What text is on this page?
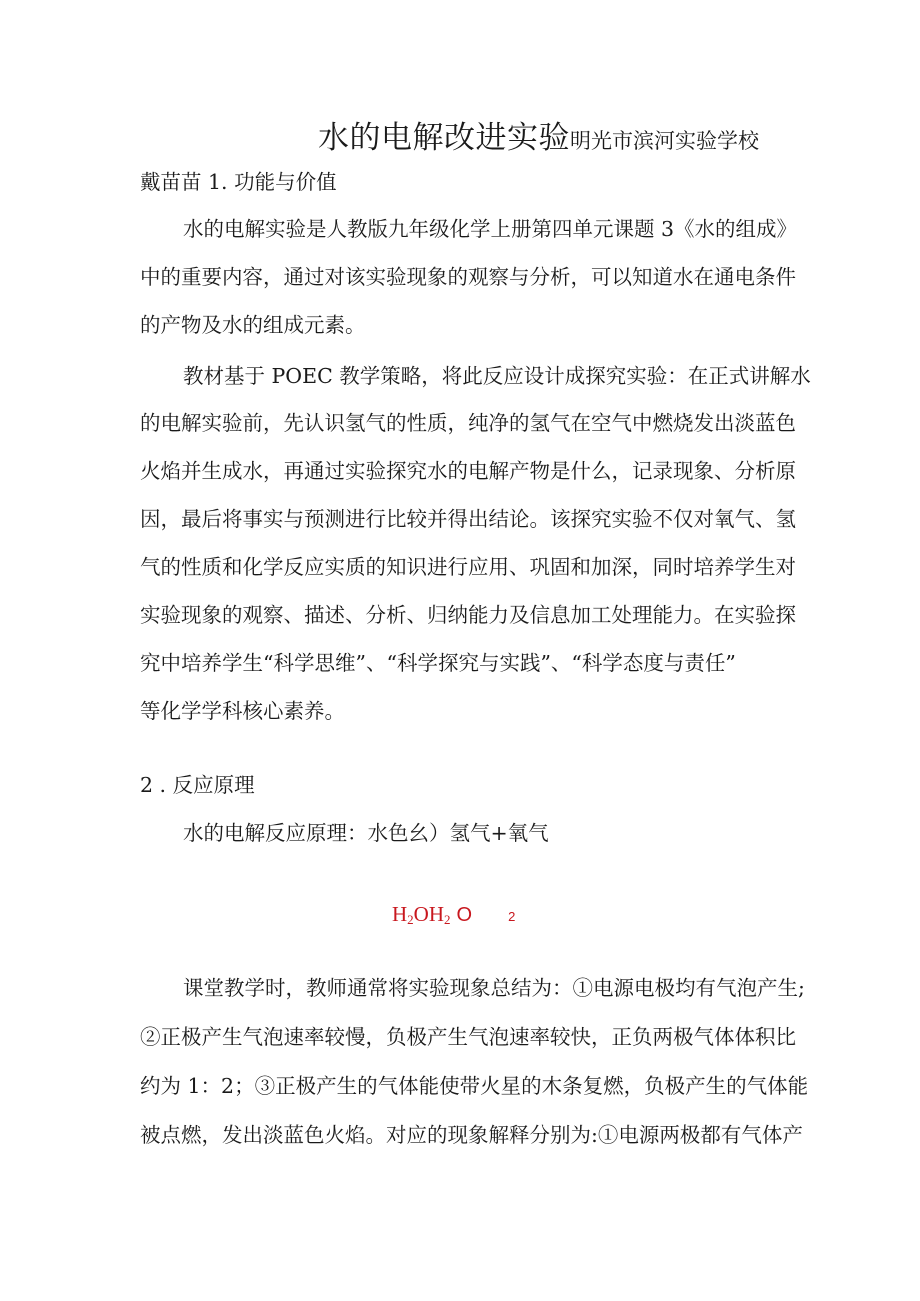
水的电解改进实验明光市滨河实验学校
戴苗苗 1. 功能与价值
水的电解实验是人教版九年级化学上册第四单元课题 3《水的组成》
中的重要内容，通过对该实验现象的观察与分析，可以知道水在通电条件
的产物及水的组成元素。
教材基于 POEC 教学策略，将此反应设计成探究实验：在正式讲解水
的电解实验前，先认识氢气的性质，纯净的氢气在空气中燃烧发出淡蓝色
火焰并生成水，再通过实验探究水的电解产物是什么，记录现象、分析原
因，最后将事实与预测进行比较并得出结论。该探究实验不仅对氧气、氢
气的性质和化学反应实质的知识进行应用、巩固和加深，同时培养学生对
实验现象的观察、描述、分析、归纳能力及信息加工处理能力。在实验探
究中培养学生“科学思维”、“科学探究与实践”、“科学态度与责任”
等化学学科核心素养。
2 . 反应原理
水的电解反应原理：水色幺）氢气+氧气
$H_2OH_2$ O	2
课堂教学时，教师通常将实验现象总结为：①电源电极均有气泡产生;
②正极产生气泡速率较慢，负极产生气泡速率较快，正负两极气体体积比
约为 1：2；③正极产生的气体能使带火星的木条复燃，负极产生的气体能
被点燃，发出淡蓝色火焰。对应的现象解释分别为:①电源两极都有气体产
